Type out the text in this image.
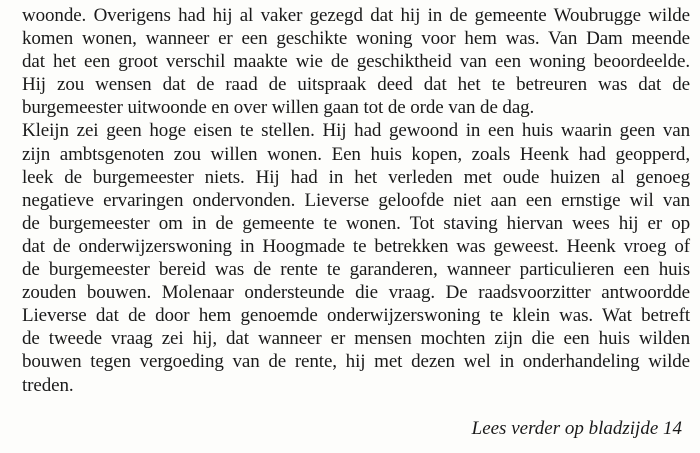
woonde. Overigens had hij al vaker gezegd dat hij in de gemeente Woubrugge wilde
komen wonen, wanneer er een geschikte woning voor hem was. Van Dam meende
dat het een groot verschil maakte wie de geschiktheid van een woning beoordeelde.
Hij zou wensen dat de raad de uitspraak deed dat het te betreuren was dat de
burgemeester uitwoonde en over willen gaan tot de orde van de dag.
Kleijn zei geen hoge eisen te stellen. Hij had gewoond in een huis waarin geen van
zijn ambtsgenoten zou willen wonen. Een huis kopen, zoals Heenk had geopperd,
leek de burgemeester niets. Hij had in het verleden met oude huizen al genoeg
negatieve ervaringen ondervonden. Lieverse geloofde niet aan een ernstige wil van
de burgemeester om in de gemeente te wonen. Tot staving hiervan wees hij er op
dat de onderwijzerswoning in Hoogmade te betrekken was geweest. Heenk vroeg of
de burgemeester bereid was de rente te garanderen, wanneer particulieren een huis
zouden bouwen. Molenaar ondersteunde die vraag. De raadsvoorzitter antwoordde
Lieverse dat de door hem genoemde onderwijzerswoning te klein was. Wat betreft
de tweede vraag zei hij, dat wanneer er mensen mochten zijn die een huis wilden
bouwen tegen vergoeding van de rente, hij met dezen wel in onderhandeling wilde
treden.
Lees verder op bladzijde 14
